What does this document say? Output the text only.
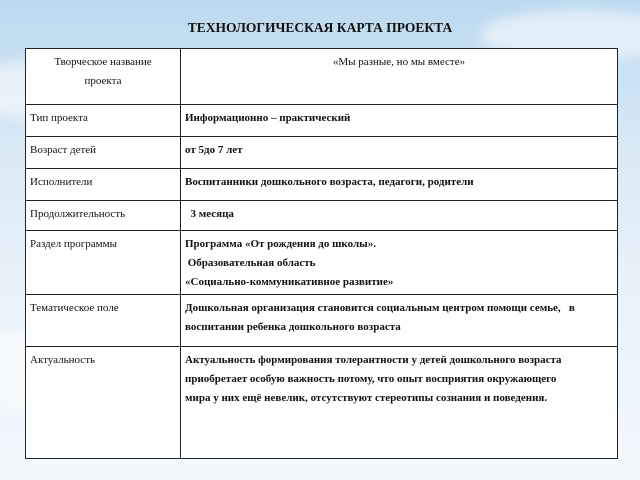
ТЕХНОЛОГИЧЕСКАЯ КАРТА ПРОЕКТА
Творческое название
проекта	«Мы разные, но мы вместе»
Тип проекта	Информационно – практический

Возраст детей	от 5до 7 лет

Исполнители	Воспитанники дошкольного возраста, педагоги, родители

Продолжительность	3 месяца

Раздел программы	Программа «От рождения до школы».
Образовательная область
«Социально-коммуникативное развитие»

Тематическое поле	Дошкольная организация становится социальным центром помощи семье,   в
воспитании ребенка дошкольного возраста

Актуальность	Актуальность формирования толерантности у детей дошкольного возраста
приобретает особую важность потому, что опыт восприятия окружающего
мира у них ещё невелик, отсутствуют стереотипы сознания и поведения.
